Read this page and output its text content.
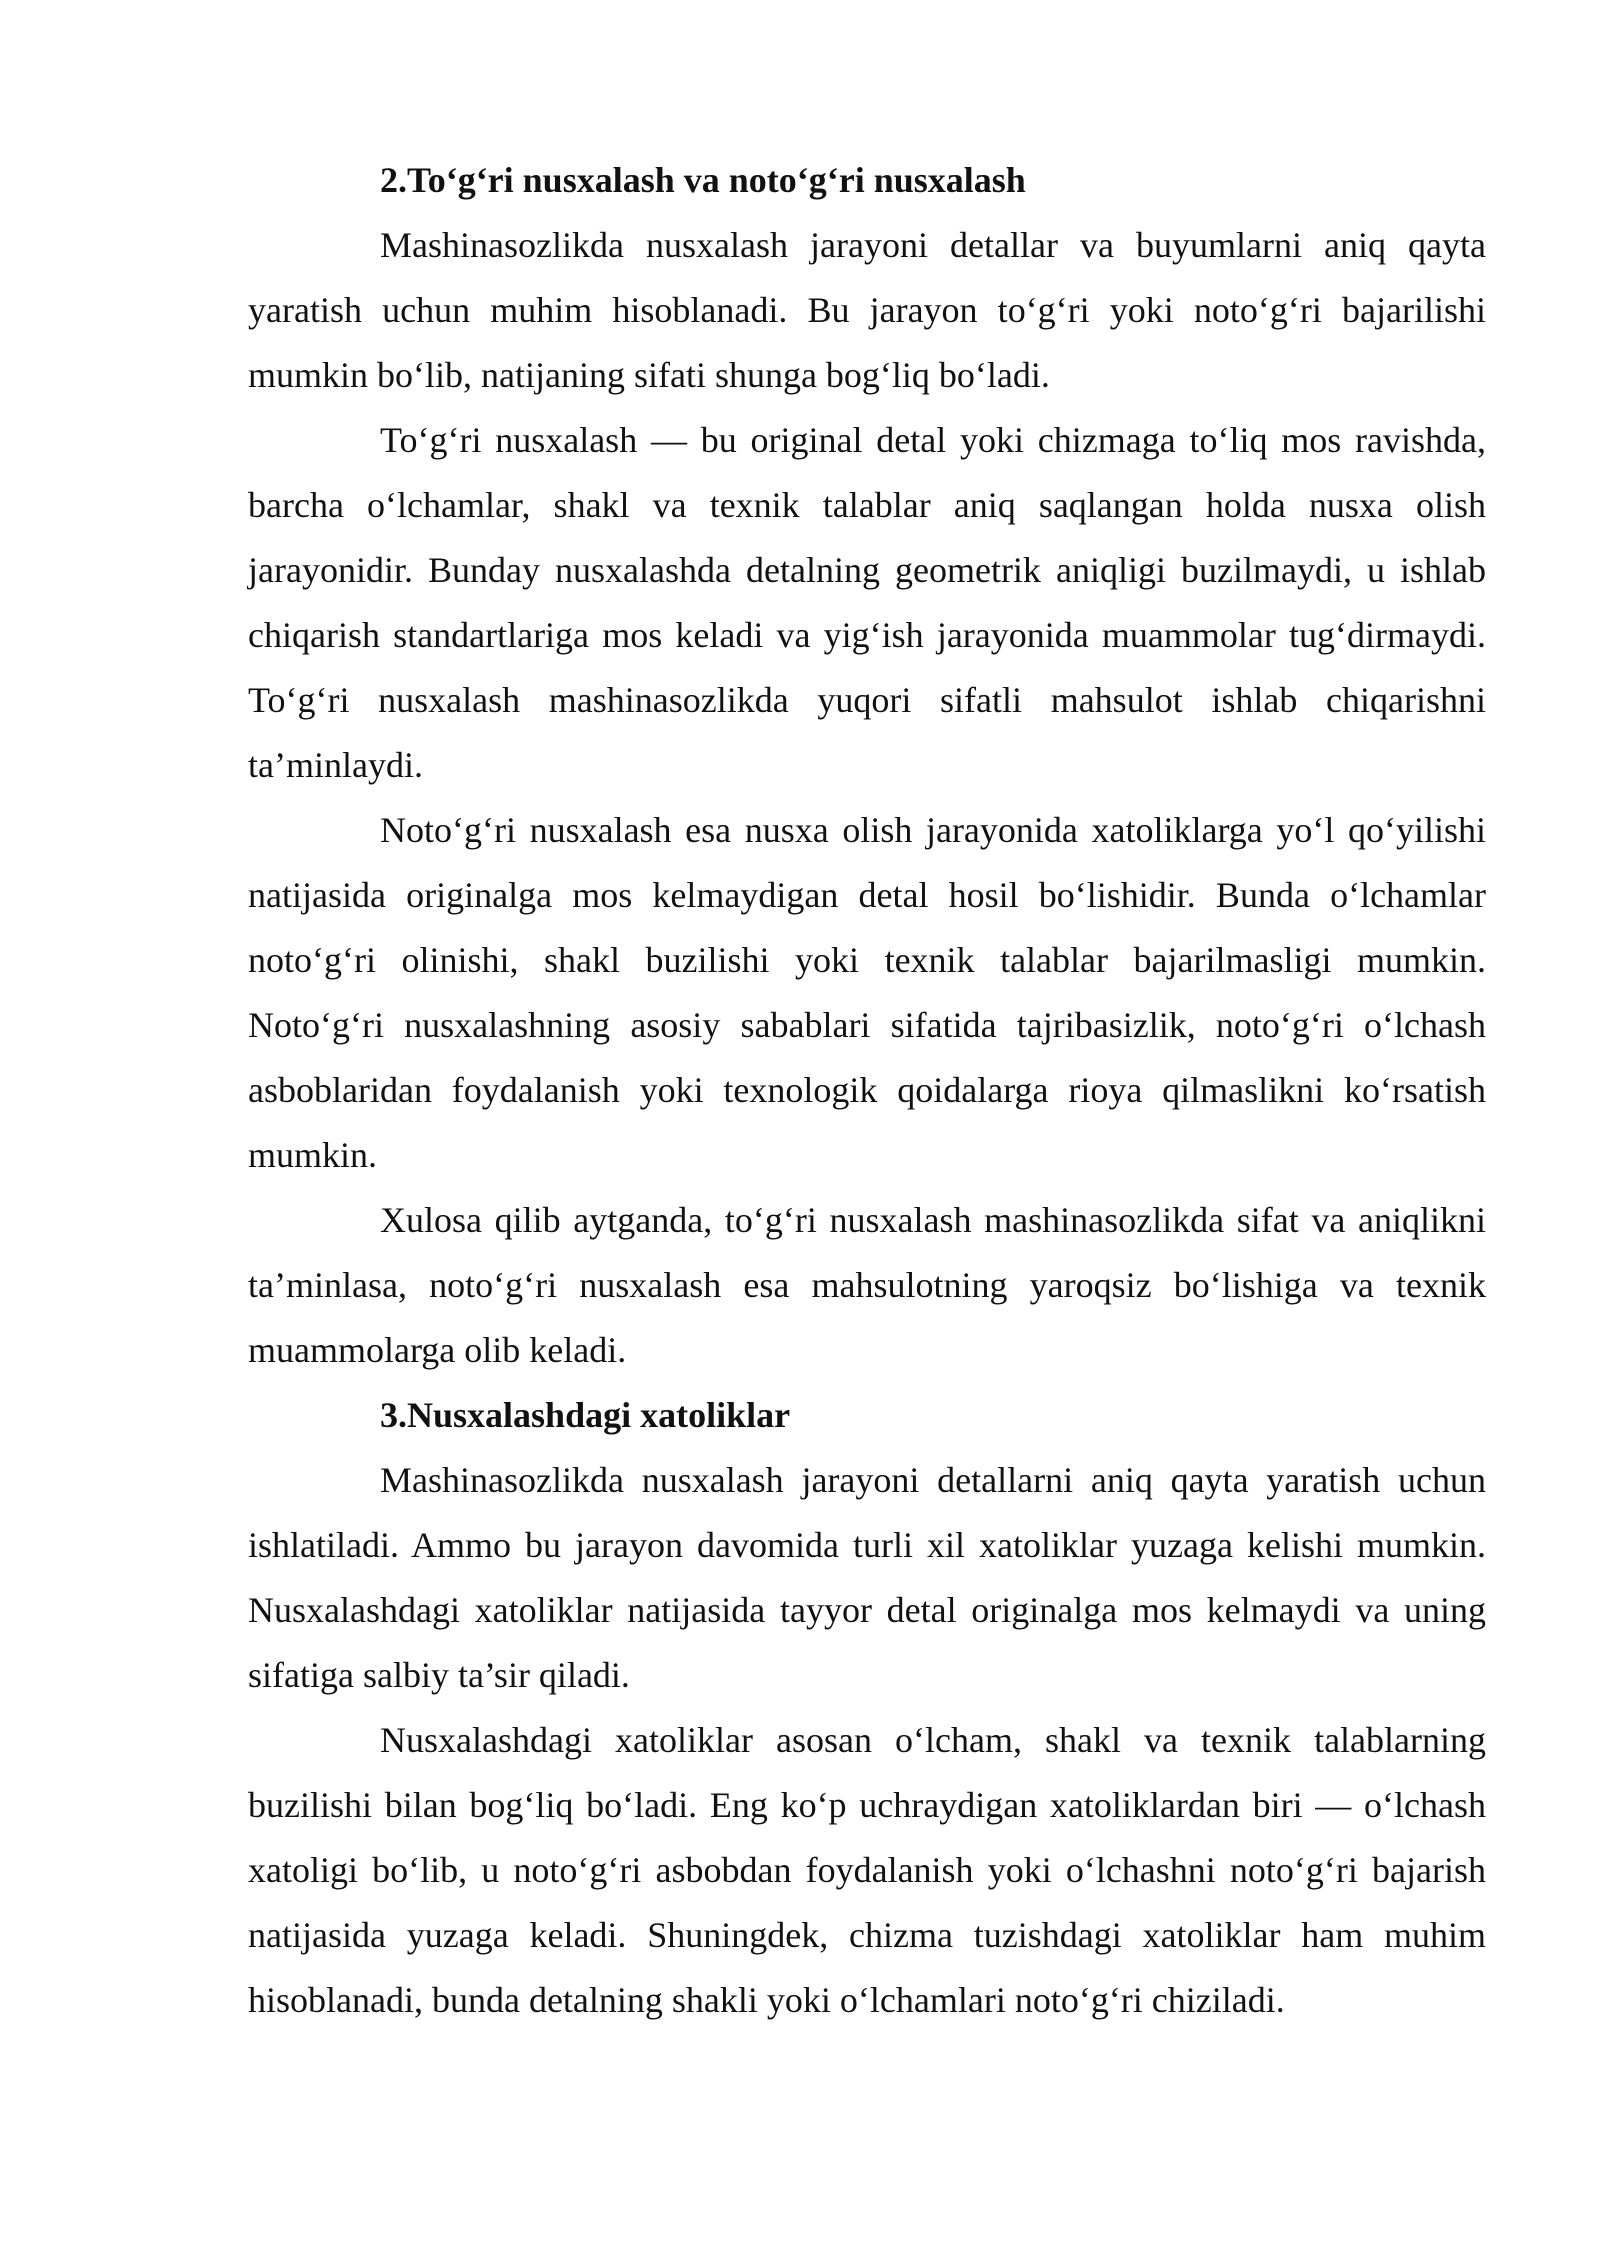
2.To‘g‘ri nusxalash va noto‘g‘ri nusxalash

Mashinasozlikda nusxalash jarayoni detallar va buyumlarni aniq qayta yaratish uchun muhim hisoblanadi. Bu jarayon to‘g‘ri yoki noto‘g‘ri bajarilishi mumkin bo‘lib, natijaning sifati shunga bog‘liq bo‘ladi.

To‘g‘ri nusxalash — bu original detal yoki chizmaga to‘liq mos ravishda, barcha o‘lchamlar, shakl va texnik talablar aniq saqlangan holda nusxa olish jarayonidir. Bunday nusxalashda detalning geometrik aniqligi buzilmaydi, u ishlab chiqarish standartlariga mos keladi va yig‘ish jarayonida muammolar tug‘dirmaydi. To‘g‘ri nusxalash mashinasozlikda yuqori sifatli mahsulot ishlab chiqarishni ta’minlaydi.

Noto‘g‘ri nusxalash esa nusxa olish jarayonida xatoliklarga yo‘l qo‘yilishi natijasida originalga mos kelmaydigan detal hosil bo‘lishidir. Bunda o‘lchamlar noto‘g‘ri olinishi, shakl buzilishi yoki texnik talablar bajarilmasligi mumkin. Noto‘g‘ri nusxalashning asosiy sabablari sifatida tajribasizlik, noto‘g‘ri o‘lchash asboblaridan foydalanish yoki texnologik qoidalarga rioya qilmaslikni ko‘rsatish mumkin.

Xulosa qilib aytganda, to‘g‘ri nusxalash mashinasozlikda sifat va aniqlikni ta’minlasa, noto‘g‘ri nusxalash esa mahsulotning yaroqsiz bo‘lishiga va texnik muammolarga olib keladi.

3.Nusxalashdagi xatoliklar

Mashinasozlikda nusxalash jarayoni detallarni aniq qayta yaratish uchun ishlatiladi. Ammo bu jarayon davomida turli xil xatoliklar yuzaga kelishi mumkin. Nusxalashdagi xatoliklar natijasida tayyor detal originalga mos kelmaydi va uning sifatiga salbiy ta’sir qiladi.

Nusxalashdagi xatoliklar asosan o‘lcham, shakl va texnik talablarning buzilishi bilan bog‘liq bo‘ladi. Eng ko‘p uchraydigan xatoliklardan biri — o‘lchash xatoligi bo‘lib, u noto‘g‘ri asbobdan foydalanish yoki o‘lchashni noto‘g‘ri bajarish natijasida yuzaga keladi. Shuningdek, chizma tuzishdagi xatoliklar ham muhim hisoblanadi, bunda detalning shakli yoki o‘lchamlari noto‘g‘ri chiziladi.
